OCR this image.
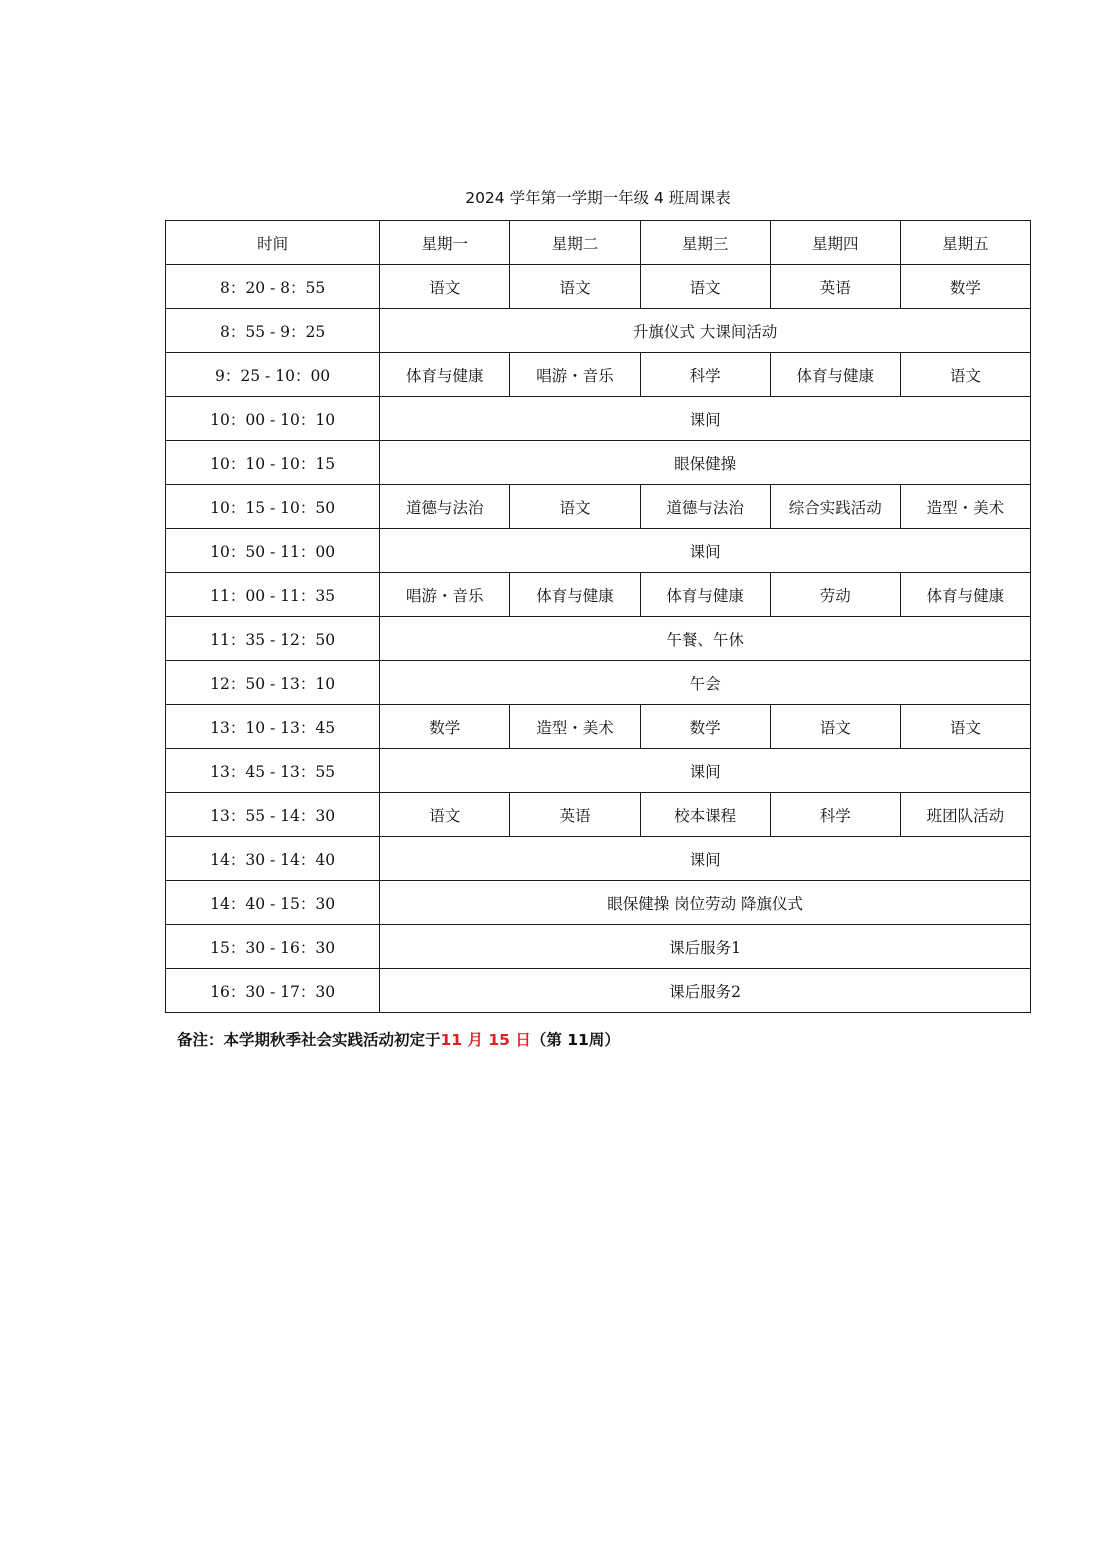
2024 学年第一学期一年级 4 班周课表
时间	星期一	星期二	星期三	星期四	星期五
8：20 - 8：55	语文	语文	语文	英语	数学
8：55 - 9：25	升旗仪式 大课间活动				
9：25 - 10：00	体育与健康	唱游・音乐	科学	体育与健康	语文
10：00 - 10：10	课间				
10：10 - 10：15	眼保健操				
10：15 - 10：50	道德与法治	语文	道德与法治	综合实践活动	造型・美术
10：50 - 11：00	课间				
11：00 - 11：35	唱游・音乐	体育与健康	体育与健康	劳动	体育与健康
11：35 - 12：50	午餐、午休				
12：50 - 13：10	午会				
13：10 - 13：45	数学	造型・美术	数学	语文	语文
13：45 - 13：55	课间				
13：55 - 14：30	语文	英语	校本课程	科学	班团队活动
14：30 - 14：40	课间				
14：40 - 15：30	眼保健操 岗位劳动 降旗仪式				
15：30 - 16：30	课后服务1				
16：30 - 17：30	课后服务2				
备注：本学期秋季社会实践活动初定于11 月 15 日（第 11周）
